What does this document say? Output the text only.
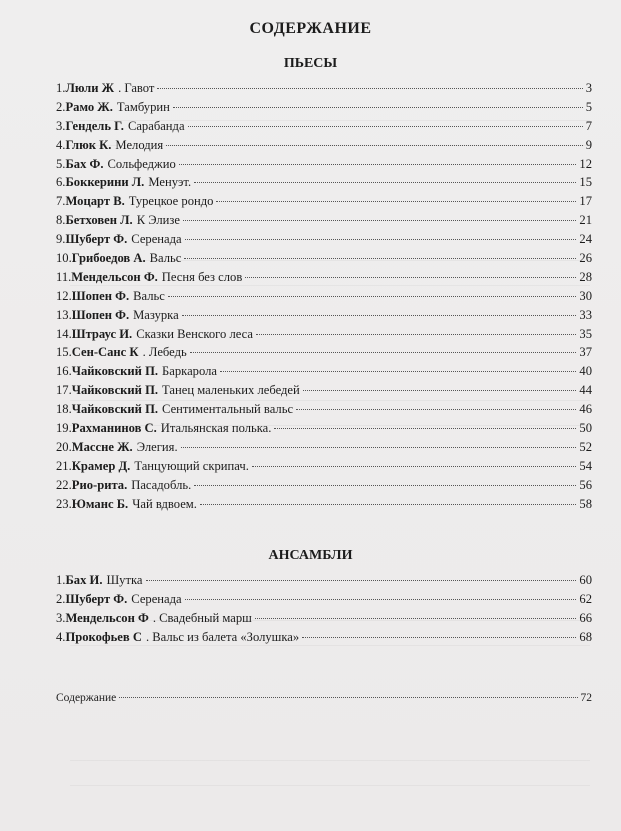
СОДЕРЖАНИЕ
ПЬЕСЫ
1. Люли Ж . Гавот	3
2. Рамо Ж. Тамбурин	5
3. Гендель Г. Сарабанда	7
4. Глюк К. Мелодия	9
5. Бах Ф. Сольфеджио	12
6. Боккерини Л. Менуэт.	15
7. Моцарт В. Турецкое рондо	17
8. Бетховен Л. К Элизе	21
9. Шуберт Ф. Серенада	24
10. Грибоедов А. Вальс	26
11. Мендельсон Ф. Песня без слов	28
12. Шопен Ф. Вальс	30
13. Шопен Ф. Мазурка	33
14. Штраус И. Сказки Венского леса	35
15. Сен-Санс К . Лебедь	37
16. Чайковский П. Баркарола	40
17. Чайковский П. Танец маленьких лебедей	44
18. Чайковский П. Сентиментальный вальс	46
19. Рахманинов С. Итальянская полька.	50
20. Массне Ж. Элегия.	52
21. Крамер Д. Танцующий скрипач.	54
22. Рио-рита. Пасадобль.	56
23. Юманс Б. Чай вдвоем.	58
АНСАМБЛИ
1. Бах И. Шутка	60
2. Шуберт Ф. Серенада	62
3. Мендельсон Ф . Свадебный марш	66
4. Прокофьев С . Вальс из балета «Золушка»	68
Содержание	72
